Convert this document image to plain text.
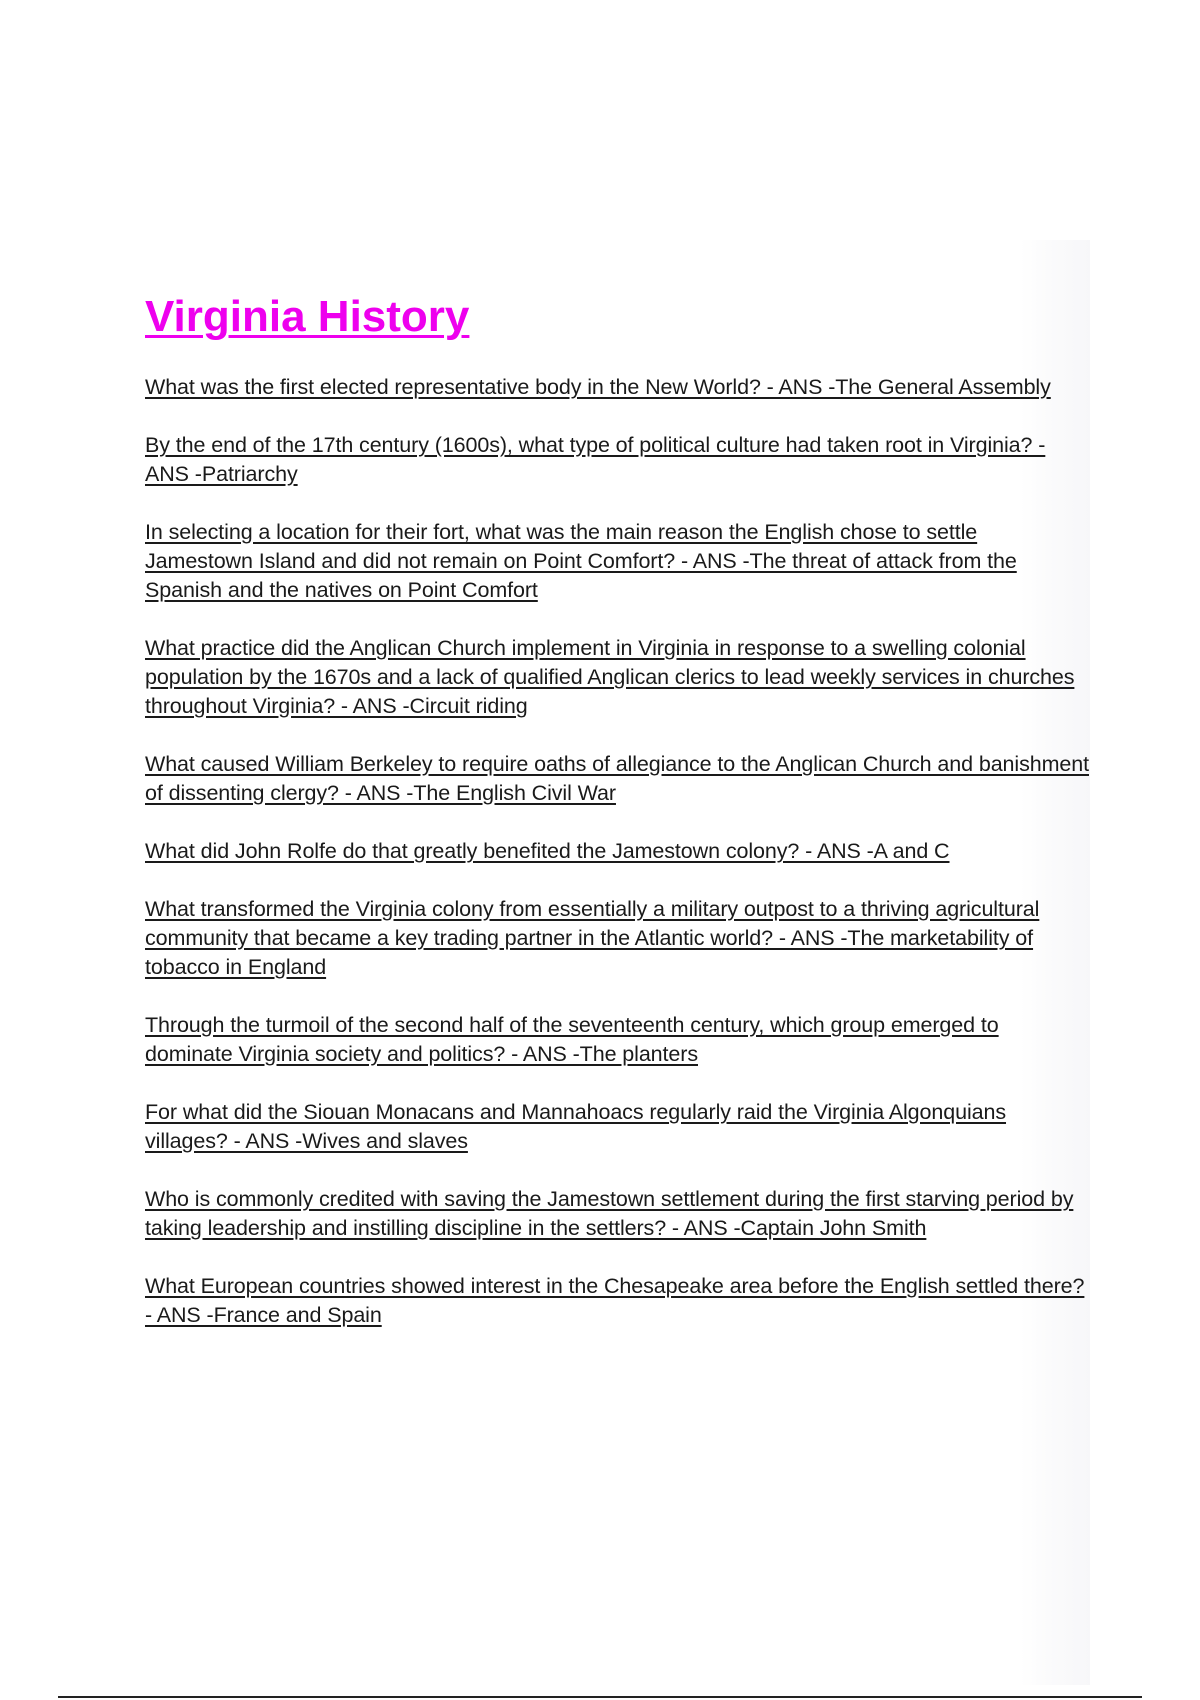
Virginia History
What was the first elected representative body in the New World? - ANS -The General Assembly
By the end of the 17th century (1600s), what type of political culture had taken root in Virginia? - ANS -Patriarchy
In selecting a location for their fort, what was the main reason the English chose to settle Jamestown Island and did not remain on Point Comfort? - ANS -The threat of attack from the Spanish and the natives on Point Comfort
What practice did the Anglican Church implement in Virginia in response to a swelling colonial population by the 1670s and a lack of qualified Anglican clerics to lead weekly services in churches throughout Virginia? - ANS -Circuit riding
What caused William Berkeley to require oaths of allegiance to the Anglican Church and banishment of dissenting clergy? - ANS -The English Civil War
What did John Rolfe do that greatly benefited the Jamestown colony? - ANS -A and C
What transformed the Virginia colony from essentially a military outpost to a thriving agricultural community that became a key trading partner in the Atlantic world? - ANS -The marketability of tobacco in England
Through the turmoil of the second half of the seventeenth century, which group emerged to dominate Virginia society and politics? - ANS -The planters
For what did the Siouan Monacans and Mannahoacs regularly raid the Virginia Algonquians villages? - ANS -Wives and slaves
Who is commonly credited with saving the Jamestown settlement during the first starving period by taking leadership and instilling discipline in the settlers? - ANS -Captain John Smith
What European countries showed interest in the Chesapeake area before the English settled there? - ANS -France and Spain
